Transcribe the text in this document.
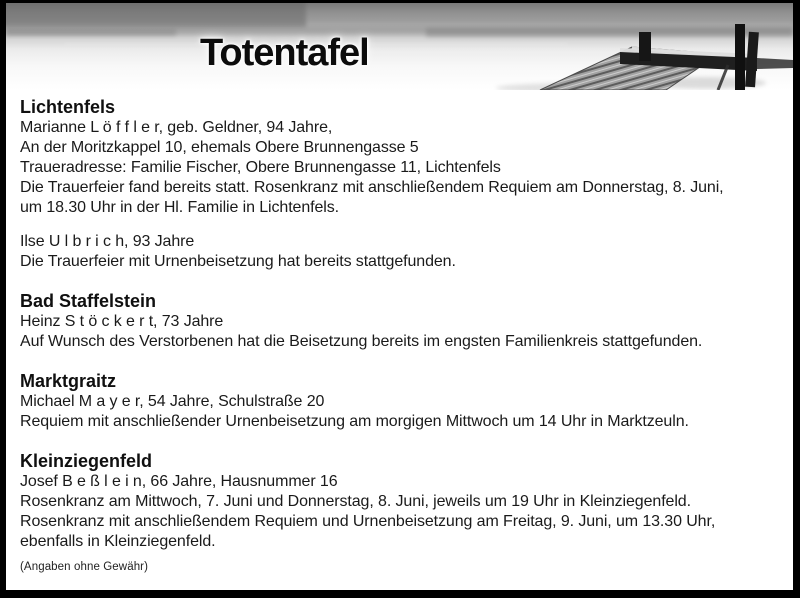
Totentafel
Lichtenfels
Marianne L ö f f l e r, geb. Geldner, 94 Jahre,
An der Moritzkappel 10, ehemals Obere Brunnengasse 5
Traueradresse: Familie Fischer, Obere Brunnengasse 11, Lichtenfels
Die Trauerfeier fand bereits statt. Rosenkranz mit anschließendem Requiem am Donnerstag, 8. Juni,
um 18.30 Uhr in der Hl. Familie in Lichtenfels.
Ilse U l b r i c h, 93 Jahre
Die Trauerfeier mit Urnenbeisetzung hat bereits stattgefunden.
Bad Staffelstein
Heinz S t ö c k e r t, 73 Jahre
Auf Wunsch des Verstorbenen hat die Beisetzung bereits im engsten Familienkreis stattgefunden.
Marktgraitz
Michael M a y e r, 54 Jahre, Schulstraße 20
Requiem mit anschließender Urnenbeisetzung am morgigen Mittwoch um 14 Uhr in Marktzeuln.
Kleinziegenfeld
Josef B e ß l e i n, 66 Jahre, Hausnummer 16
Rosenkranz am Mittwoch, 7. Juni und Donnerstag, 8. Juni, jeweils um 19 Uhr in Kleinziegenfeld.
Rosenkranz mit anschließendem Requiem und Urnenbeisetzung am Freitag, 9. Juni, um 13.30 Uhr,
ebenfalls in Kleinziegenfeld.
(Angaben ohne Gewähr)
